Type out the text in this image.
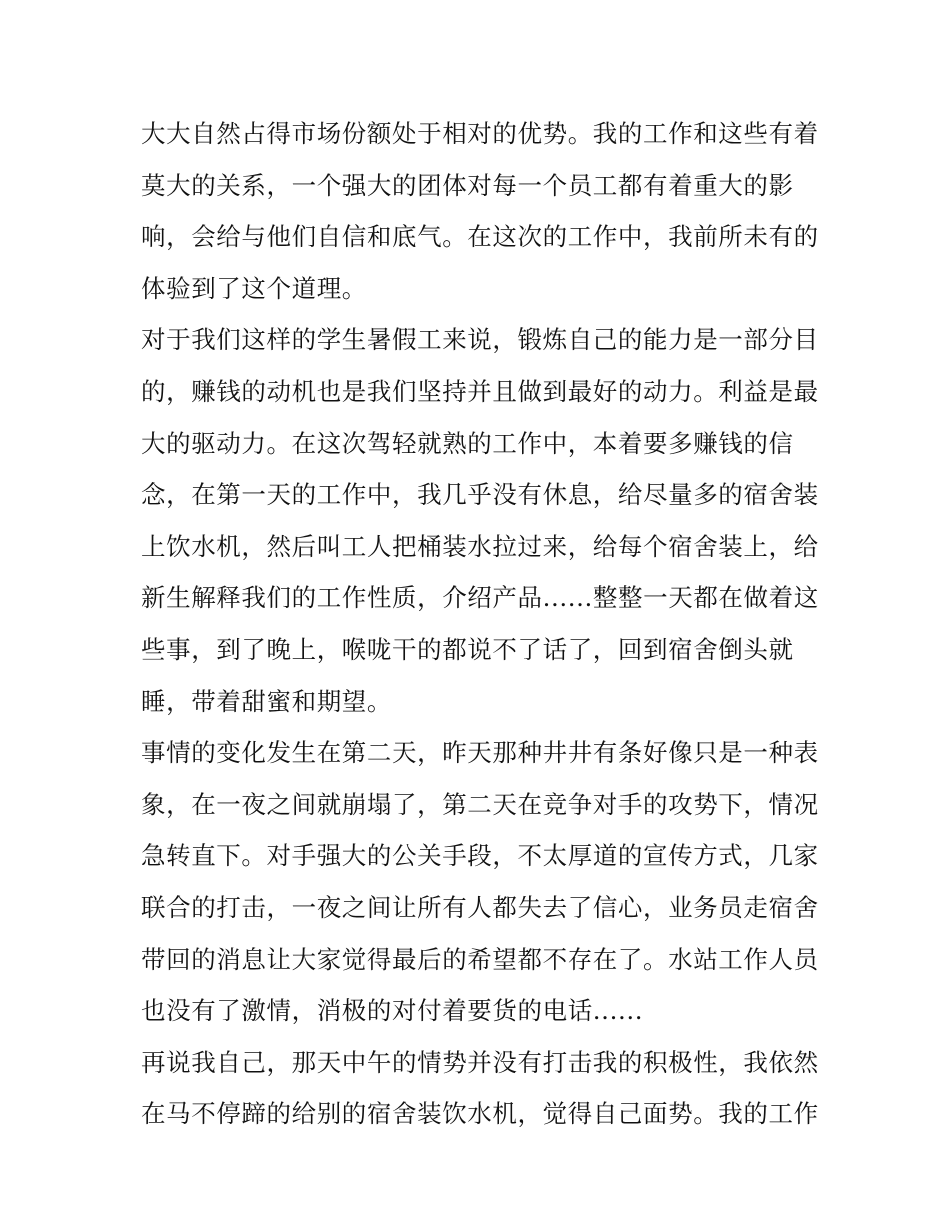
大大自然占得市场份额处于相对的优势。我的工作和这些有着
莫大的关系，一个强大的团体对每一个员工都有着重大的影
响，会给与他们自信和底气。在这次的工作中，我前所未有的
体验到了这个道理。
对于我们这样的学生暑假工来说，锻炼自己的能力是一部分目
的，赚钱的动机也是我们坚持并且做到最好的动力。利益是最
大的驱动力。在这次驾轻就熟的工作中，本着要多赚钱的信
念，在第一天的工作中，我几乎没有休息，给尽量多的宿舍装
上饮水机，然后叫工人把桶装水拉过来，给每个宿舍装上，给
新生解释我们的工作性质，介绍产品......整整一天都在做着这
些事，到了晚上，喉咙干的都说不了话了，回到宿舍倒头就
睡，带着甜蜜和期望。
事情的变化发生在第二天，昨天那种井井有条好像只是一种表
象，在一夜之间就崩塌了，第二天在竞争对手的攻势下，情况
急转直下。对手强大的公关手段，不太厚道的宣传方式，几家
联合的打击，一夜之间让所有人都失去了信心，业务员走宿舍
带回的消息让大家觉得最后的希望都不存在了。水站工作人员
也没有了激情，消极的对付着要货的电话......
再说我自己，那天中午的情势并没有打击我的积极性，我依然
在马不停蹄的给别的宿舍装饮水机，觉得自己面势。我的工作
